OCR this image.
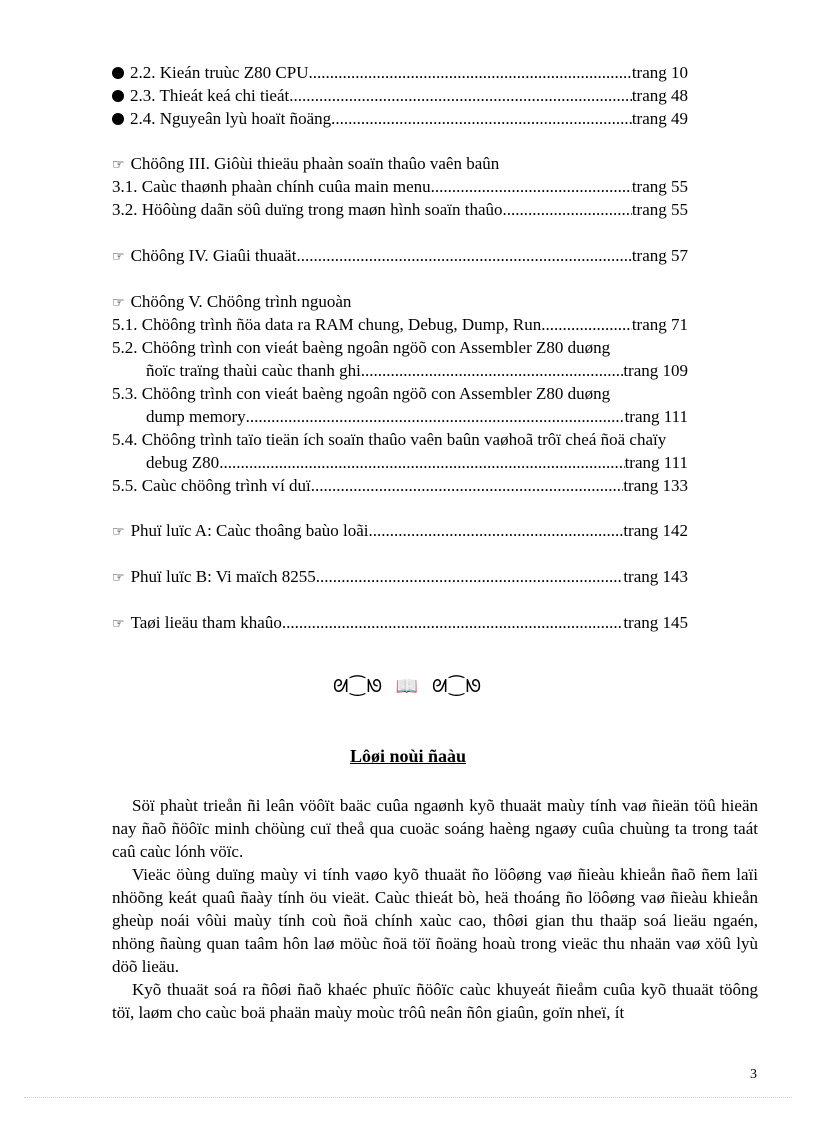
2.2. Kieán truùc Z80 CPU .....	trang 10
2.3. Thieát keá chi tieát. .....	trang 48
2.4. Nguyeân lyù hoaït ñoäng. .....	trang 49
☞ Chöông III. Giôùi thieäu phaàn soaïn thaûo vaên baûn
3.1. Caùc thaønh phaàn chính cuûa main menu .....	trang 55
3.2. Höôùng daãn söû duïng trong maøn hình soaïn thaûo .....	trang 55
☞ Chöông IV. Giaûi thuaät .....	trang 57
☞ Chöông V. Chöông trình nguoàn
5.1. Chöông trình ñöa data ra RAM chung, Debug, Dump, Run .....	trang 71
5.2. Chöông trình con vieát baèng ngoân ngöõ con Assembler Z80 duøng
ñoïc traïng thaùi caùc thanh ghi .....	trang 109
5.3. Chöông trình con vieát baèng ngoân ngöõ con Assembler Z80 duøng
dump memory .....	trang 111
5.4. Chöông trình taïo tieän ích soaïn thaûo vaên baûn vaøhoã trôï cheá ñoä chaïy
debug Z80 .....	trang 111
5.5. Caùc chöông trình ví duï .....	trang 133
☞ Phuï luïc A: Caùc thoâng baùo loãi. .....	trang 142
☞ Phuï luïc B: Vi maïch 8255. .....	trang 143
☞ Taøi lieäu tham khaûo. .....	trang 145
ᘛ⁐ᘚ 📖 ᘛ⁐ᘚ
Lôøi noùi ñaàu
Söï phaùt trieån ñi leân vöôït baäc cuûa ngaønh kyõ thuaät maùy tính vaø ñieän töû hieän nay ñaõ ñöôïc minh chöùng cuï theå qua cuoäc soáng haèng ngaøy cuûa chuùng ta trong taát caû caùc lónh vöïc.
Vieäc öùng duïng maùy vi tính vaøo kyõ thuaät ño löôøng vaø ñieàu khieån ñaõ ñem laïi nhöõng keát quaû ñaày tính öu vieät. Caùc thieát bò, heä thoáng ño löôøng vaø ñieàu khieån gheùp noái vôùi maùy tính coù ñoä chính xaùc cao, thôøi gian thu thaäp soá lieäu ngaén, nhöng ñaùng quan taâm hôn laø möùc ñoä töï ñoäng hoaù trong vieäc thu nhaän vaø xöû lyù döõ lieäu.
Kyõ thuaät soá ra ñôøi ñaõ khaéc phuïc ñöôïc caùc khuyeát ñieåm cuûa kyõ thuaät töông töï, laøm cho caùc boä phaän maùy moùc trôû neân ñôn giaûn, goïn nheï, ít
3
